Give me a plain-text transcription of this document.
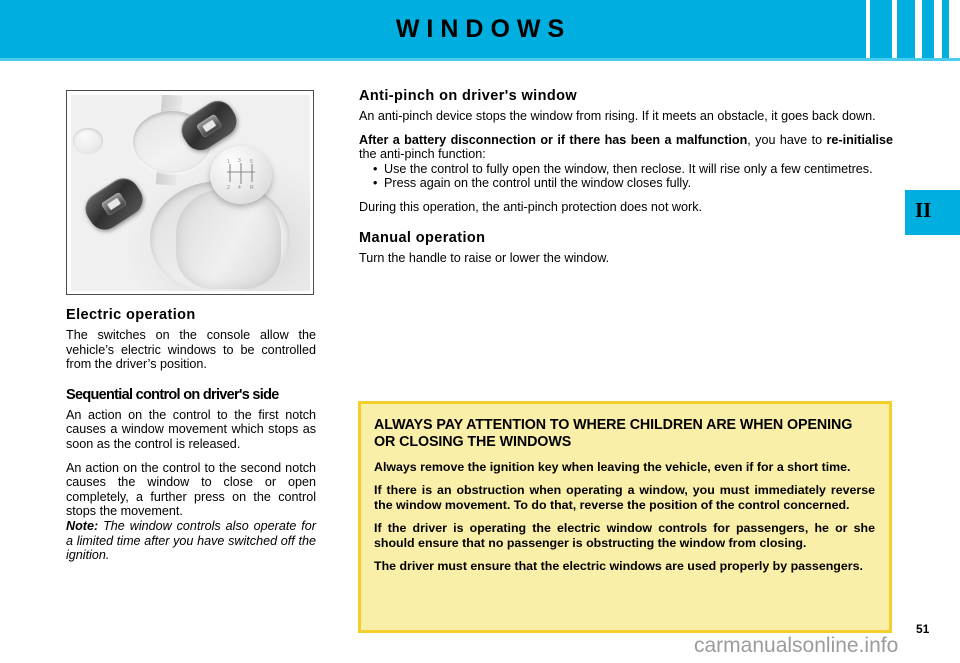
WINDOWS
II
1 3 5
2 4 R
Electric operation

The switches on the console allow the vehicle’s electric windows to be controlled from the driver’s position.

Sequential control on driver's side

An action on the control to the first notch causes a window movement which stops as soon as the control is released.

An action on the control to the second notch causes the window to close or open completely, a further press on the control stops the movement.

Note: The window controls also operate for a limited time after you have switched off the ignition.

Anti-pinch on driver's window

An anti-pinch device stops the window from rising. If it meets an obstacle, it goes back down.

After a battery disconnection or if there has been a malfunction, you have to re-initialise the anti-pinch function:

• Use the control to fully open the window, then reclose. It will rise only a few centimetres.
• Press again on the control until the window closes fully.

During this operation, the anti-pinch protection does not work.

Manual operation

Turn the handle to raise or lower the window.

ALWAYS PAY ATTENTION TO WHERE CHILDREN ARE WHEN OPENING OR CLOSING THE WINDOWS

Always remove the ignition key when leaving the vehicle, even if for a short time.

If there is an obstruction when operating a window, you must immediately reverse the window movement. To do that, reverse the position of the control concerned.

If the driver is operating the electric window controls for passengers, he or she should ensure that no passenger is obstructing the window from closing.

The driver must ensure that the electric windows are used properly by passengers.

51
carmanualsonline.info
